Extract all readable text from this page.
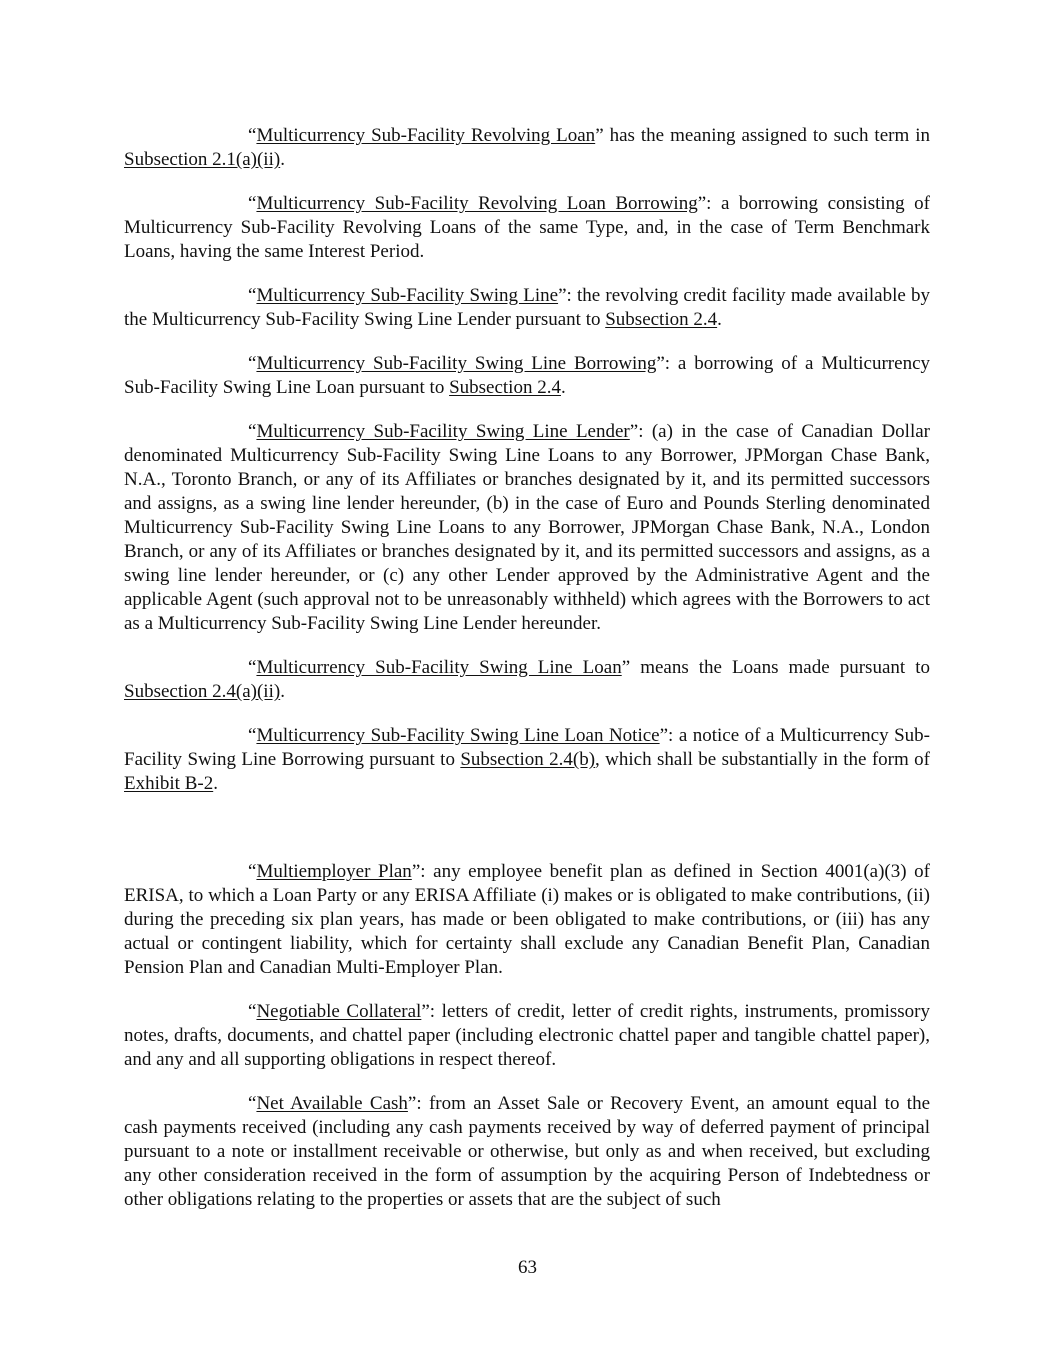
“Multicurrency Sub-Facility Revolving Loan” has the meaning assigned to such term in Subsection 2.1(a)(ii).

“Multicurrency Sub-Facility Revolving Loan Borrowing”: a borrowing consisting of Multicurrency Sub-Facility Revolving Loans of the same Type, and, in the case of Term Benchmark Loans, having the same Interest Period.

“Multicurrency Sub-Facility Swing Line”: the revolving credit facility made available by the Multicurrency Sub-Facility Swing Line Lender pursuant to Subsection 2.4.

“Multicurrency Sub-Facility Swing Line Borrowing”: a borrowing of a Multicurrency Sub-Facility Swing Line Loan pursuant to Subsection 2.4.

“Multicurrency Sub-Facility Swing Line Lender”: (a) in the case of Canadian Dollar denominated Multicurrency Sub-Facility Swing Line Loans to any Borrower, JPMorgan Chase Bank, N.A., Toronto Branch, or any of its Affiliates or branches designated by it, and its permitted successors and assigns, as a swing line lender hereunder, (b) in the case of Euro and Pounds Sterling denominated Multicurrency Sub-Facility Swing Line Loans to any Borrower, JPMorgan Chase Bank, N.A., London Branch, or any of its Affiliates or branches designated by it, and its permitted successors and assigns, as a swing line lender hereunder, or (c) any other Lender approved by the Administrative Agent and the applicable Agent (such approval not to be unreasonably withheld) which agrees with the Borrowers to act as a Multicurrency Sub-Facility Swing Line Lender hereunder.

“Multicurrency Sub-Facility Swing Line Loan” means the Loans made pursuant to Subsection 2.4(a)(ii).

“Multicurrency Sub-Facility Swing Line Loan Notice”: a notice of a Multicurrency Sub-Facility Swing Line Borrowing pursuant to Subsection 2.4(b), which shall be substantially in the form of Exhibit B-2.

“Multiemployer Plan”: any employee benefit plan as defined in Section 4001(a)(3) of ERISA, to which a Loan Party or any ERISA Affiliate (i) makes or is obligated to make contributions, (ii) during the preceding six plan years, has made or been obligated to make contributions, or (iii) has any actual or contingent liability, which for certainty shall exclude any Canadian Benefit Plan, Canadian Pension Plan and Canadian Multi-Employer Plan.

“Negotiable Collateral”: letters of credit, letter of credit rights, instruments, promissory notes, drafts, documents, and chattel paper (including electronic chattel paper and tangible chattel paper), and any and all supporting obligations in respect thereof.

“Net Available Cash”: from an Asset Sale or Recovery Event, an amount equal to the cash payments received (including any cash payments received by way of deferred payment of principal pursuant to a note or installment receivable or otherwise, but only as and when received, but excluding any other consideration received in the form of assumption by the acquiring Person of Indebtedness or other obligations relating to the properties or assets that are the subject of such

63
